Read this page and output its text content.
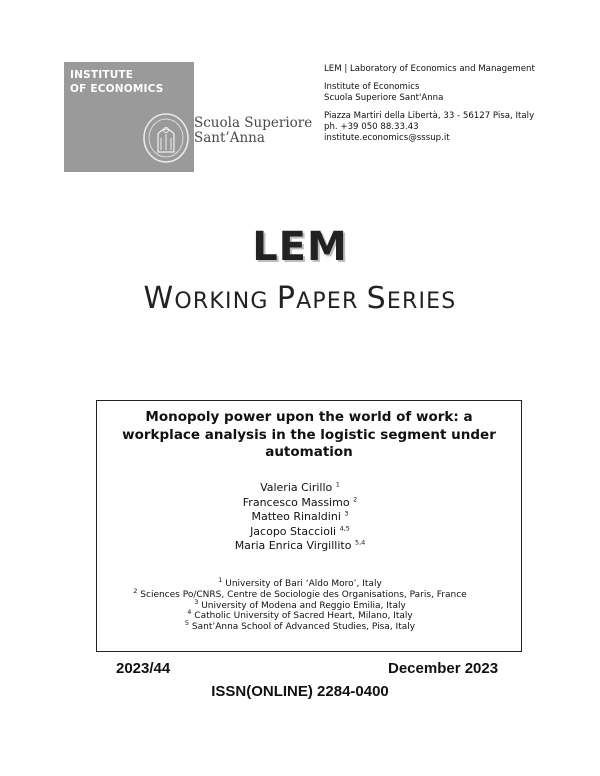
INSTITUTE
OF ECONOMICS
Scuola Superiore
Sant’Anna
LEM | Laboratory of Economics and Management
Institute of Economics
Scuola Superiore Sant'Anna
Piazza Martiri della Libertà, 33 - 56127 Pisa, Italy
ph. +39 050 88.33.43
institute.economics@sssup.it
LEM
WORKING PAPER SERIES
Monopoly power upon the world of work: a
workplace analysis in the logistic segment under
automation
Valeria Cirillo $^1$
Francesco Massimo $^2$
Matteo Rinaldini $^3$
Jacopo Staccioli $^{4,5}$
Maria Enrica Virgillito $^{5,4}$
$^1$ University of Bari ‘Aldo Moro’, Italy
$^2$ Sciences Po/CNRS, Centre de Sociologie des Organisations, Paris, France
$^3$ University of Modena and Reggio Emilia, Italy
$^4$ Catholic University of Sacred Heart, Milano, Italy
$^5$ Sant’Anna School of Advanced Studies, Pisa, Italy
2023/44	December 2023
ISSN(ONLINE) 2284-0400
